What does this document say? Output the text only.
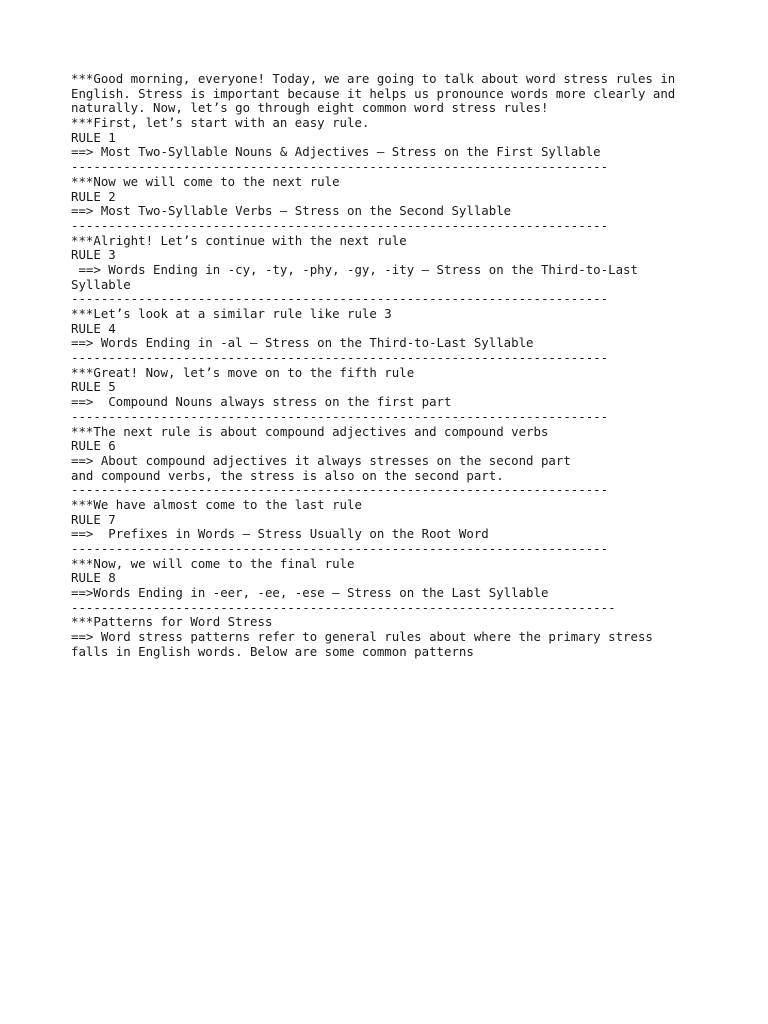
***Good morning, everyone! Today, we are going to talk about word stress rules in
English. Stress is important because it helps us pronounce words more clearly and
naturally. Now, let’s go through eight common word stress rules!
***First, let’s start with an easy rule.
RULE 1
==> Most Two-Syllable Nouns & Adjectives – Stress on the First Syllable
------------------------------------------------------------------------
***Now we will come to the next rule
RULE 2
==> Most Two-Syllable Verbs – Stress on the Second Syllable
------------------------------------------------------------------------
***Alright! Let’s continue with the next rule
RULE 3
==> Words Ending in -cy, -ty, -phy, -gy, -ity – Stress on the Third-to-Last
Syllable
------------------------------------------------------------------------
***Let’s look at a similar rule like rule 3
RULE 4
==> Words Ending in -al – Stress on the Third-to-Last Syllable
------------------------------------------------------------------------
***Great! Now, let’s move on to the fifth rule
RULE 5
==>  Compound Nouns always stress on the first part
------------------------------------------------------------------------
***The next rule is about compound adjectives and compound verbs
RULE 6
==> About compound adjectives it always stresses on the second part
and compound verbs, the stress is also on the second part.
------------------------------------------------------------------------
***We have almost come to the last rule
RULE 7
==>  Prefixes in Words – Stress Usually on the Root Word
------------------------------------------------------------------------
***Now, we will come to the final rule
RULE 8
==>Words Ending in -eer, -ee, -ese – Stress on the Last Syllable
-------------------------------------------------------------------------
***Patterns for Word Stress
==> Word stress patterns refer to general rules about where the primary stress
falls in English words. Below are some common patterns
